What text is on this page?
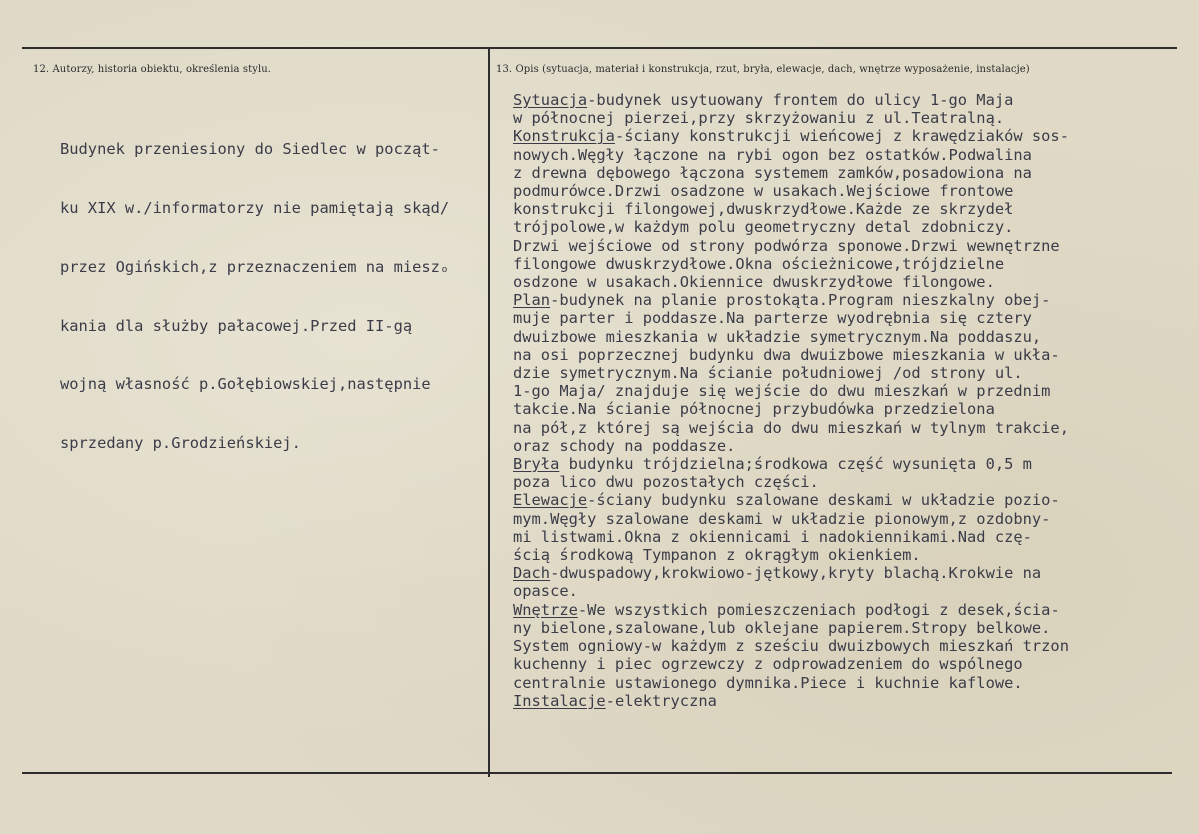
12. Autorzy, historia obiektu, określenia stylu.	13. Opis (sytuacja, materiał i konstrukcja, rzut, bryła, elewacje, dach, wnętrze wyposażenie, instalacje)

Budynek przeniesiony do Siedlec w począt-

ku XIX w./informatorzy nie pamiętają skąd/

przez Ogińskich,z przeznaczeniem na mieszₒ

kania dla służby pałacowej.Przed II-gą

wojną własność p.Gołębiowskiej,następnie

sprzedany p.Grodzieńskiej.

Sytuacja-budynek usytuowany frontem do ulicy 1-go Maja
w północnej pierzei,przy skrzyżowaniu z ul.Teatralną.
Konstrukcja-ściany konstrukcji wieńcowej z krawędziaków sos-
nowych.Węgły łączone na rybi ogon bez ostatków.Podwalina
z drewna dębowego łączona systemem zamków,posadowiona na
podmurówce.Drzwi osadzone w usakach.Wejściowe frontowe
konstrukcji filongowej,dwuskrzydłowe.Każde ze skrzydeł
trójpolowe,w każdym polu geometryczny detal zdobniczy.
Drzwi wejściowe od strony podwórza sponowe.Drzwi wewnętrzne
filongowe dwuskrzydłowe.Okna ościeżnicowe,trójdzielne
osdzone w usakach.Okiennice dwuskrzydłowe filongowe.
Plan-budynek na planie prostokąta.Program nieszkalny obej-
muje parter i poddasze.Na parterze wyodrębnia się cztery
dwuizbowe mieszkania w układzie symetrycznym.Na poddaszu,
na osi poprzecznej budynku dwa dwuizbowe mieszkania w ukła-
dzie symetrycznym.Na ścianie południowej /od strony ul.
1-go Maja/ znajduje się wejście do dwu mieszkań w przednim
takcie.Na ścianie północnej przybudówka przedzielona
na pół,z której są wejścia do dwu mieszkań w tylnym trakcie,
oraz schody na poddasze.
Bryła budynku trójdzielna;środkowa część wysunięta 0,5 m
poza lico dwu pozostałych części.
Elewacje-ściany budynku szalowane deskami w układzie pozio-
mym.Węgły szalowane deskami w układzie pionowym,z ozdobny-
mi listwami.Okna z okiennicami i nadokiennikami.Nad czę-
ścią środkową Tympanon z okrągłym okienkiem.
Dach-dwuspadowy,krokwiowo-jętkowy,kryty blachą.Krokwie na
opasce.
Wnętrze-We wszystkich pomieszczeniach podłogi z desek,ścia-
ny bielone,szalowane,lub oklejane papierem.Stropy belkowe.
System ogniowy-w każdym z sześciu dwuizbowych mieszkań trzon
kuchenny i piec ogrzewczy z odprowadzeniem do wspólnego
centralnie ustawionego dymnika.Piece i kuchnie kaflowe.
Instalacje-elektryczna
